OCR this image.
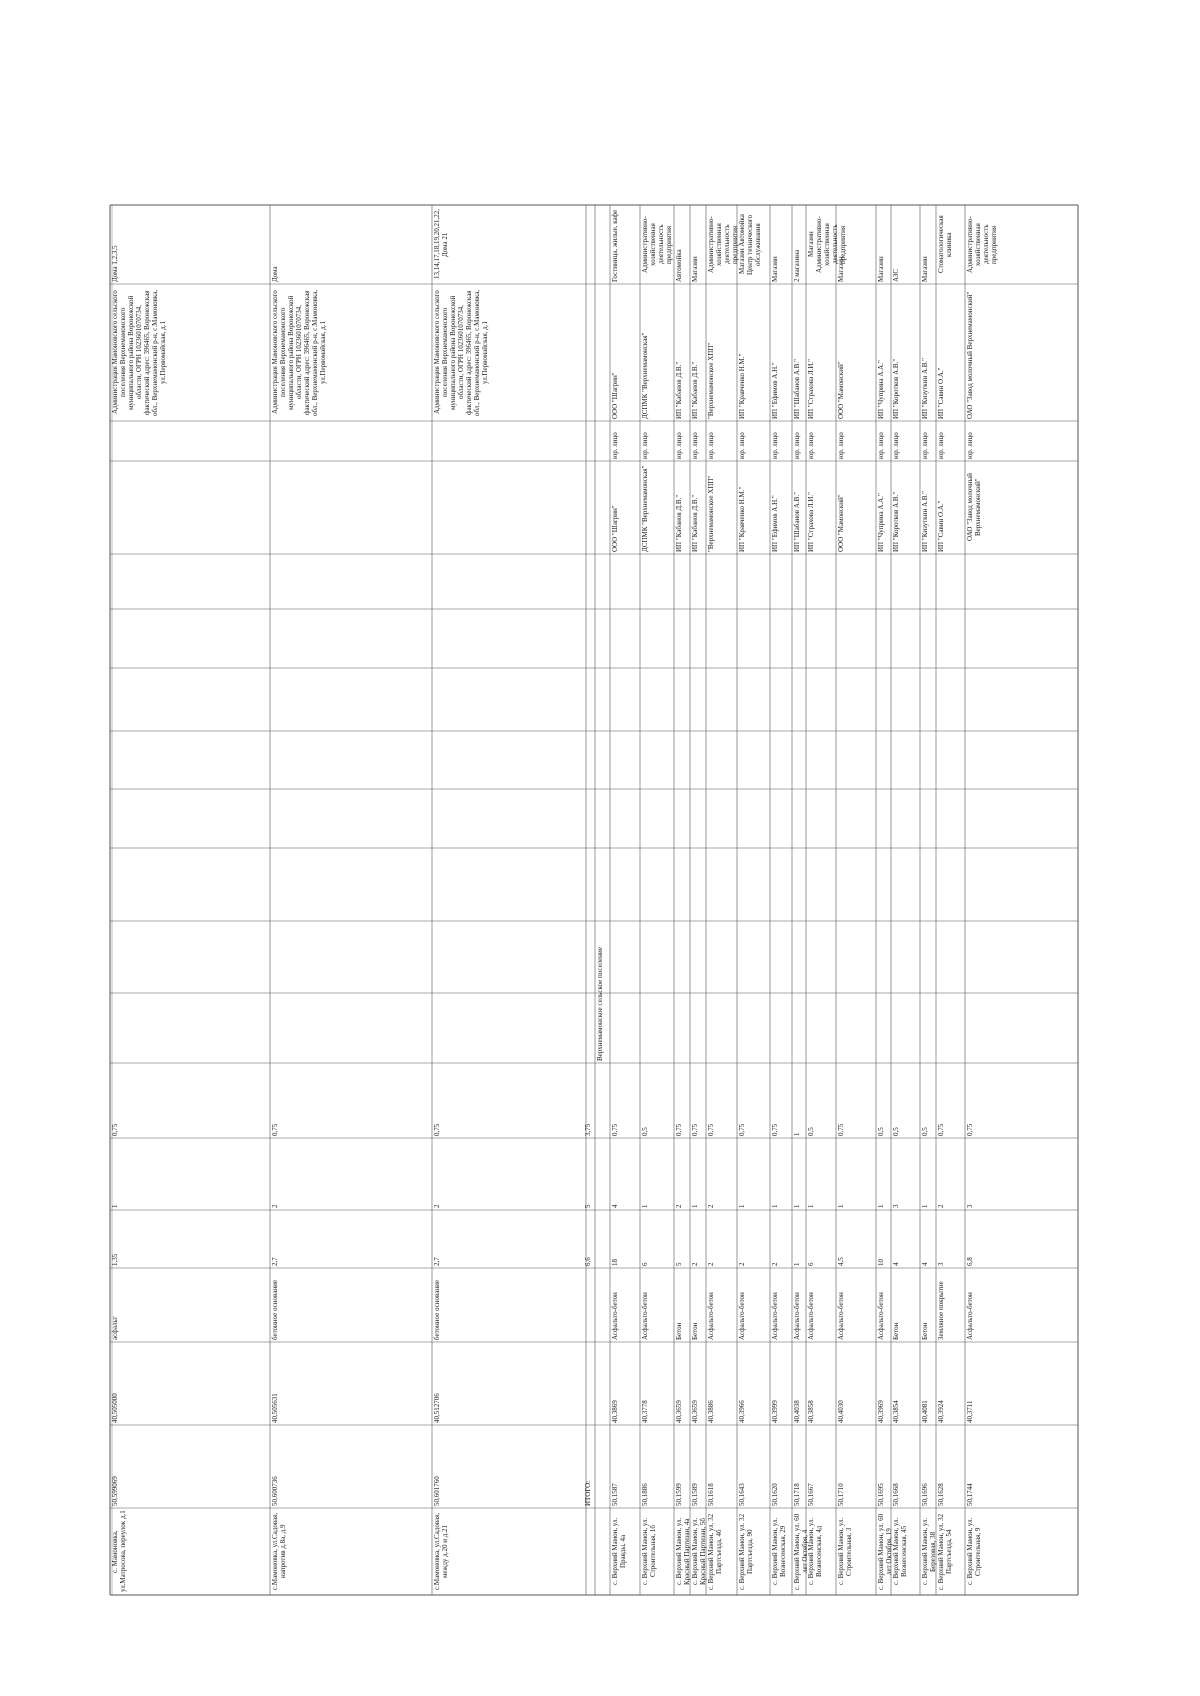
с. Мамоновка, ул.Матросова, переулок д.1
50,599069
40,505000
асфальт
1,35
1
0,75
Администрация Мамоновского сельского поселения Верхнемамонского муниципального района Воронежской области, ОГРН 1023601070734, фактический адрес: 396465, Воронежская обл., Верхнемамонский р-н, с.Мамоновка, ул.Первомайская, д.1
Дома 1,2,3,5
с.Мамоновка, ул.Садовая, напротив д.8а, д.9
50,600736
40,505631
бетонное основание
2,7
2
0,75
Администрация Мамоновского сельского поселения Верхнемамонского муниципального района Воронежской области, ОГРН 1023601070734, фактический адрес: 396465, Воронежская обл., Верхнемамонский р-н, с.Мамоновка, ул.Первомайская, д.1
Дома
с.Мамоновка, ул.Садовая, между д.20 и д.21
50,601760
40,512706
бетонное основание
2,7
2
0,75
Администрация Мамоновского сельского поселения Верхнемамонского муниципального района Воронежской области, ОГРН 1023601070734, фактический адрес: 396465, Воронежская обл., Верхнемамонский р-н, с.Мамоновка, ул.Первомайская, д.1
13,14,17,18,19,20,21,22, Дома 21
ИТОГО:
6,6
5
3,75
Верхнемамонское сельское поселение
с. Верхний Мамон, ул. Правды, 4а
50,1587
40,3869
Асфальто-бетон
18
4
0,75
ООО "Шагрин"
юр. лицо
ООО "Шагрин"
Гостиница, жилые, кафе
с. Верхний Мамон, ул. Строительная, 1б
50,1886
40,3778
Асфальто-бетон
6
1
0,5
ДСПМК "Верхнемамонская"
юр. лицо
ДСПМК "Верхнемамонская"
Административно-хозяйственная деятельность предприятия
с. Верхний Мамон, ул. Красный Партизан, 4а
50,1599
40,3659
Бетон
5
2
0,75
ИП "Кабанов Д.В."
юр. лицо
ИП "Кабанов Д.В."
Автомойка
с. Верхний Мамон, ул. Красный Партизан, 5б
50,1589
40,3659
Бетон
2
1
0,75
ИП "Кабанов Д.В."
юр. лицо
ИП "Кабанов Д.В."
Магазин
с. Верхний Мамон, ул. 32 Партсъезда, 4б
50,1618
40,3886
Асфальто-бетон
2
2
0,75
"Верхнемамонское ХПП"
юр. лицо
"Верхнемамонское ХПП"
Административно-хозяйственная деятельность предприятия
с. Верхний Мамон, ул. 32 Партсъезда, 90
50,1643
40,3966
Асфальто-бетон
2
1
0,75
ИП "Кравченко Н.М."
юр. лицо
ИП "Кравченко Н.М."
Магазин Автомойка Центр технического обслуживания
с. Верхний Мамон, ул. Вознесенская, 29
50,1620
40,3999
Асфальто-бетон
2
1
0,75
ИП "Ефимов А.Н."
юр. лицо
ИП "Ефимов А.Н."
Магазин
с. Верхний Мамон, ул. 60 лет Октября, 4
50,1718
40,4038
Асфальто-бетон
1
1
1
ИП "Шабанов А.В."
юр. лицо
ИП "Шабанов А.В."
2 магазина
с. Верхний Мамон, ул. Вознесенская, 4д
50,1667
40,3858
Асфальто-бетон
6
1
0,5
ИП "Страхова Л.И."
юр. лицо
ИП "Страхова Л.И."
Магазин Административно-хозяйственная деятельность предприятия
с. Верхний Мамон, ул. Строительная, 3
50,1710
40,4030
Асфальто-бетон
4,5
1
0,75
ООО "Мамонский"
юр. лицо
ООО "Мамонский"
Магазин
с. Верхний Мамон, ул. 60 лет Октября, 19
50,1695
40,3969
Асфальто-бетон
10
1
0,5
ИП "Чуприна А.А."
юр. лицо
ИП "Чуприна А.А."
Магазин
с. Верхний Мамон, ул. Вознесенская, 45
50,1668
40,3854
Бетон
4
3
0,5
ИП "Коротков А.В."
юр. лицо
ИП "Коротков А.В."
АЗС
с. Верхний Мамон, ул. Березовая, 38
50,1696
40,4081
Бетон
4
1
0,5
ИП "Кизуткин А.В."
юр. лицо
ИП "Кизуткин А.В."
Магазин
с. Верхний Мамон, ул. 32 Партсъезда, 54
50,1628
40,3924
Земляное покрытие
3
2
0,75
ИП "Савин О.А."
юр. лицо
ИП "Савин О.А."
Стоматологическая клиника
с. Верхний Мамон, ул. Строительная, 9
50,1744
40,3711
Асфальто-бетон
6,8
3
0,75
ОАО "Завод молочный Верхнемамонский"
юр. лицо
ОАО "Завод молочный Верхнемамонский"
Административно-хозяйственная деятельность предприятия
